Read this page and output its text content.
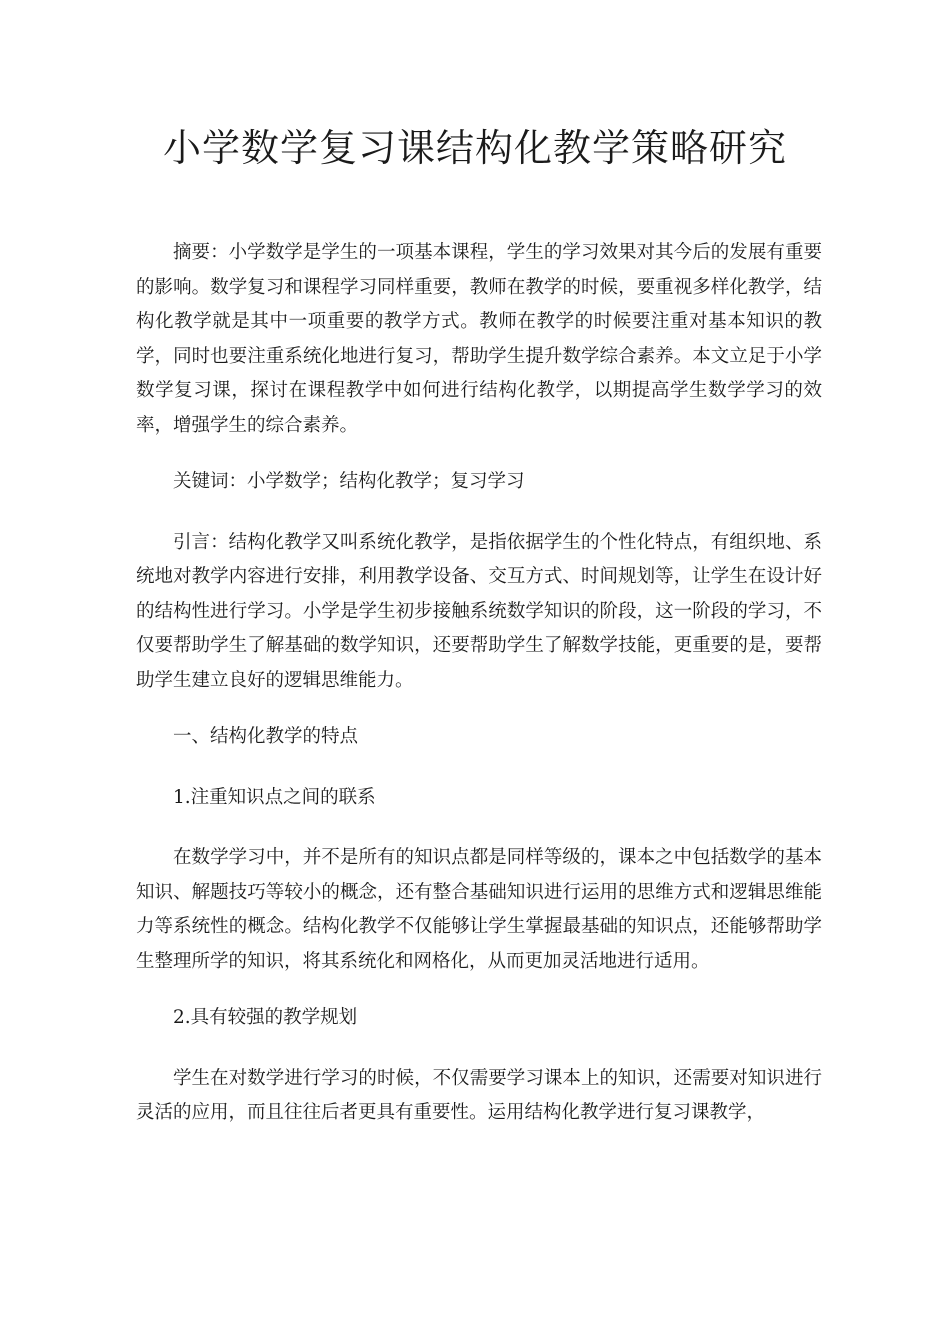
小学数学复习课结构化教学策略研究

摘要：小学数学是学生的一项基本课程，学生的学习效果对其今后的发展有重要的影响。数学复习和课程学习同样重要，教师在教学的时候，要重视多样化教学，结构化教学就是其中一项重要的教学方式。教师在教学的时候要注重对基本知识的教学，同时也要注重系统化地进行复习，帮助学生提升数学综合素养。本文立足于小学数学复习课，探讨在课程教学中如何进行结构化教学，以期提高学生数学学习的效率，增强学生的综合素养。

关键词：小学数学；结构化教学；复习学习

引言：结构化教学又叫系统化教学，是指依据学生的个性化特点，有组织地、系统地对教学内容进行安排，利用教学设备、交互方式、时间规划等，让学生在设计好的结构性进行学习。小学是学生初步接触系统数学知识的阶段，这一阶段的学习，不仅要帮助学生了解基础的数学知识，还要帮助学生了解数学技能，更重要的是，要帮助学生建立良好的逻辑思维能力。

一、结构化教学的特点

1.注重知识点之间的联系

在数学学习中，并不是所有的知识点都是同样等级的，课本之中包括数学的基本知识、解题技巧等较小的概念，还有整合基础知识进行运用的思维方式和逻辑思维能力等系统性的概念。结构化教学不仅能够让学生掌握最基础的知识点，还能够帮助学生整理所学的知识，将其系统化和网格化，从而更加灵活地进行适用。

2.具有较强的教学规划

学生在对数学进行学习的时候，不仅需要学习课本上的知识，还需要对知识进行灵活的应用，而且往往后者更具有重要性。运用结构化教学进行复习课教学，
